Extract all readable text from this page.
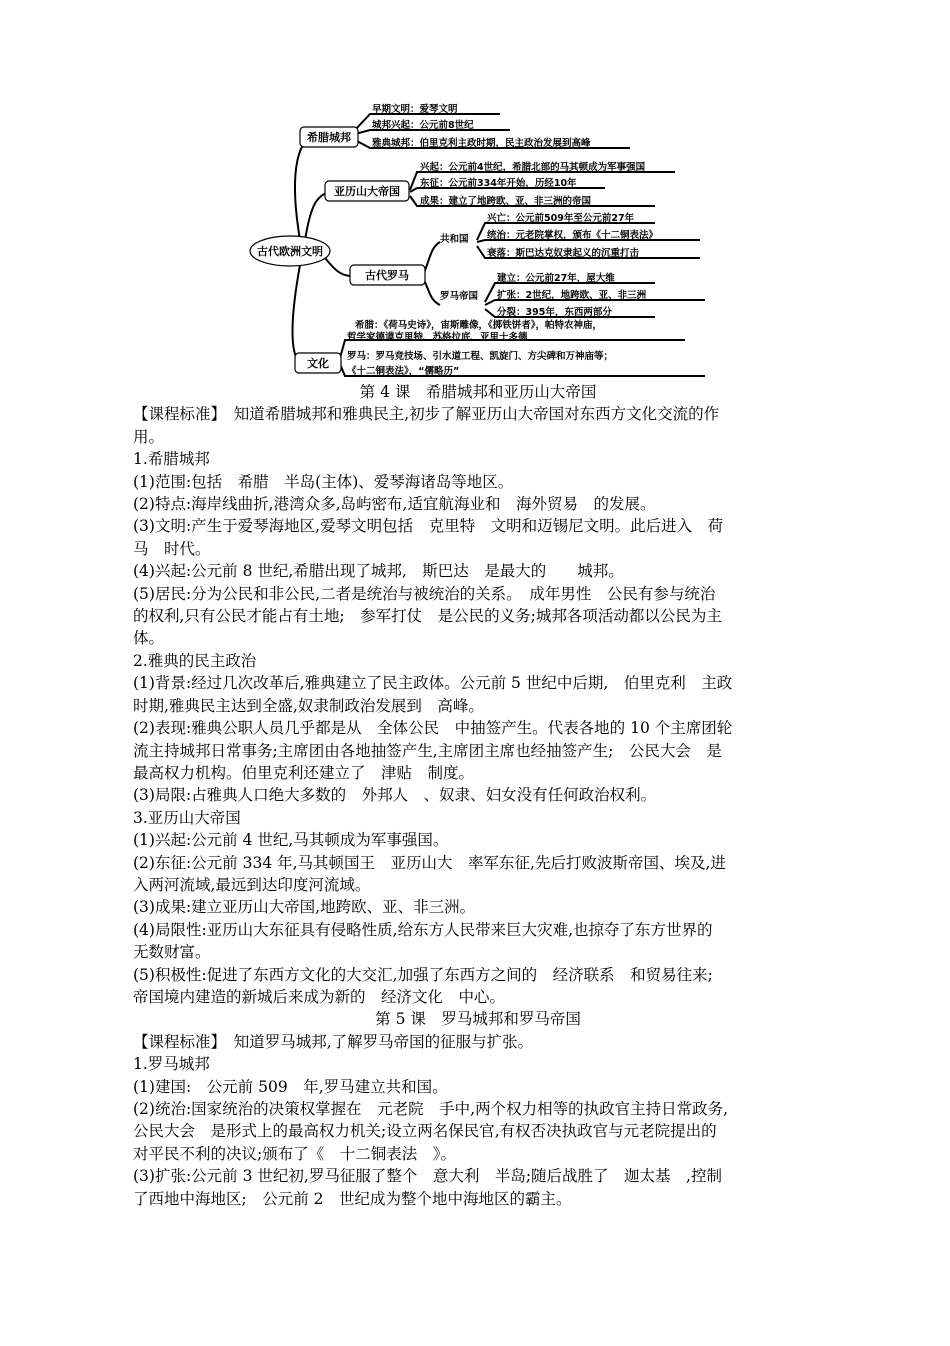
古代欧洲文明
希腊城邦
亚历山大帝国
古代罗马
文化
早期文明：爱琴文明
城邦兴起：公元前8世纪
雅典城邦：伯里克利主政时期，民主政治发展到高峰
兴起：公元前4世纪，希腊北部的马其顿成为军事强国
东征：公元前334年开始，历经10年
成果：建立了地跨欧、亚、非三洲的帝国
共和国
罗马帝国
兴亡：公元前509年至公元前27年
统治：元老院掌权，颁布《十二铜表法》
衰落：斯巴达克奴隶起义的沉重打击
建立：公元前27年，屋大维
扩张：2世纪，地跨欧、亚、非三洲
分裂：395年，东西两部分
希腊：《荷马史诗》，宙斯雕像，《掷铁饼者》，帕特农神庙，
哲学家德谟克里特、苏格拉底、亚里士多德
罗马：罗马竞技场、引水道工程、凯旋门、方尖碑和万神庙等；
《十二铜表法》，“儒略历”
第 4 课　希腊城邦和亚历山大帝国
【课程标准】　知道希腊城邦和雅典民主,初步了解亚历山大帝国对东西方文化交流的作
用。
1.希腊城邦
(1)范围:包括　希腊　半岛(主体)、爱琴海诸岛等地区。
(2)特点:海岸线曲折,港湾众多,岛屿密布,适宜航海业和　海外贸易　的发展。
(3)文明:产生于爱琴海地区,爱琴文明包括　克里特　文明和迈锡尼文明。此后进入　荷
马　时代。
(4)兴起:公元前 8 世纪,希腊出现了城邦,　斯巴达　是最大的　　城邦。
(5)居民:分为公民和非公民,二者是统治与被统治的关系。　成年男性　公民有参与统治
的权利,只有公民才能占有土地;　参军打仗　是公民的义务;城邦各项活动都以公民为主
体。
2.雅典的民主政治
(1)背景:经过几次改革后,雅典建立了民主政体。公元前 5 世纪中后期,　伯里克利　主政
时期,雅典民主达到全盛,奴隶制政治发展到　高峰。
(2)表现:雅典公职人员几乎都是从　全体公民　中抽签产生。代表各地的 10 个主席团轮
流主持城邦日常事务;主席团由各地抽签产生,主席团主席也经抽签产生;　公民大会　是
最高权力机构。伯里克利还建立了　津贴　制度。
(3)局限:占雅典人口绝大多数的　外邦人　、奴隶、妇女没有任何政治权利。
3.亚历山大帝国
(1)兴起:公元前 4 世纪,马其顿成为军事强国。
(2)东征:公元前 334 年,马其顿国王　亚历山大　率军东征,先后打败波斯帝国、埃及,进
入两河流域,最远到达印度河流域。
(3)成果:建立亚历山大帝国,地跨欧、亚、非三洲。
(4)局限性:亚历山大东征具有侵略性质,给东方人民带来巨大灾难,也掠夺了东方世界的
无数财富。
(5)积极性:促进了东西方文化的大交汇,加强了东西方之间的　经济联系　和贸易往来;
帝国境内建造的新城后来成为新的　经济文化　中心。
第 5 课　罗马城邦和罗马帝国
【课程标准】　知道罗马城邦,了解罗马帝国的征服与扩张。
1.罗马城邦
(1)建国:　公元前 509　年,罗马建立共和国。
(2)统治:国家统治的决策权掌握在　元老院　手中,两个权力相等的执政官主持日常政务,
公民大会　是形式上的最高权力机关;设立两名保民官,有权否决执政官与元老院提出的
对平民不利的决议;颁布了《　十二铜表法　》。
(3)扩张:公元前 3 世纪初,罗马征服了整个　意大利　半岛;随后战胜了　迦太基　,控制
了西地中海地区;　公元前 2　世纪成为整个地中海地区的霸主。
